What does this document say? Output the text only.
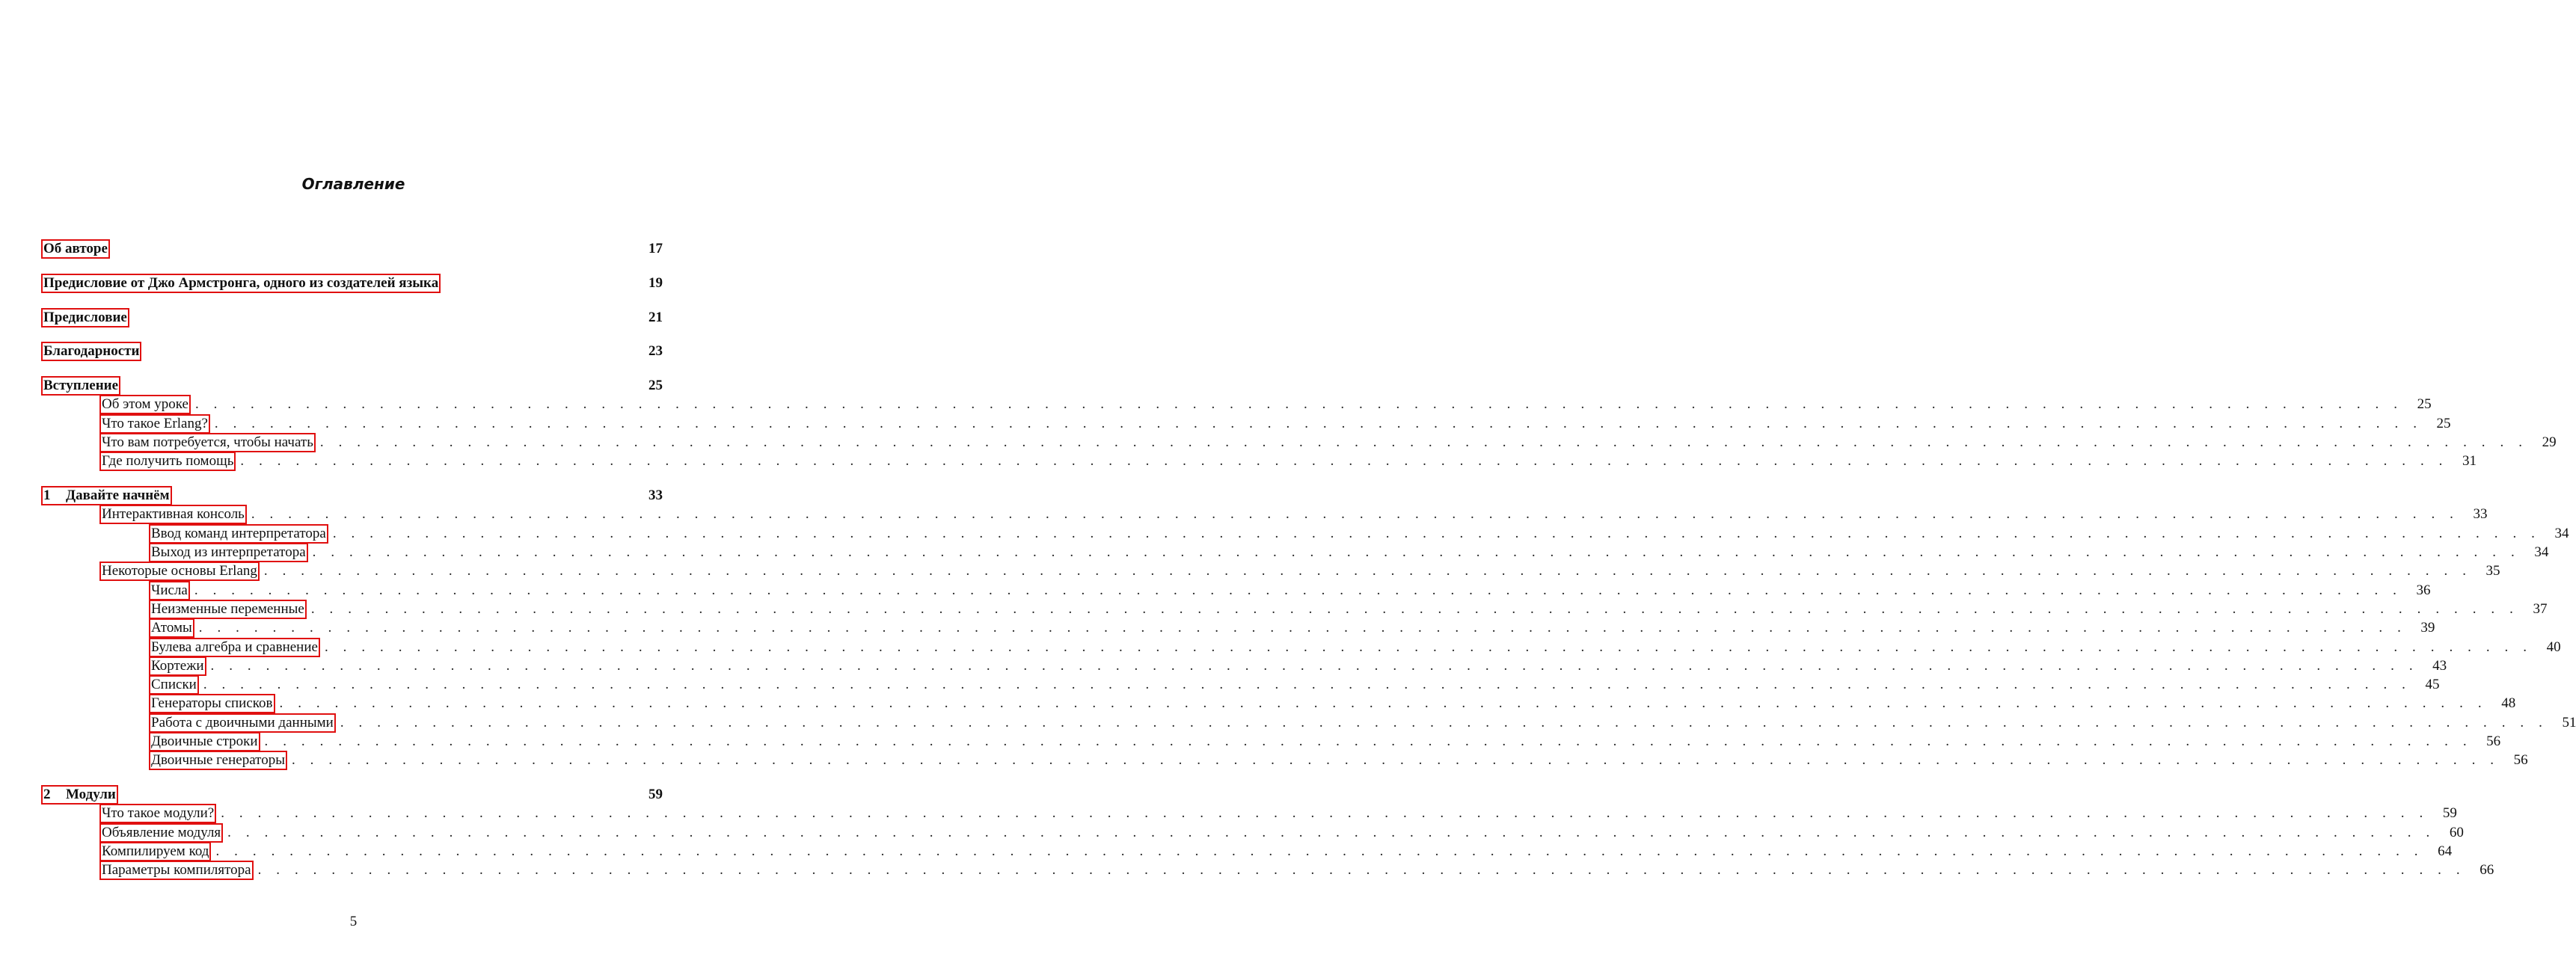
Оглавление
Об авторе	17
Предисловие от Джо Армстронга, одного из создателей языка	19
Предисловие	21
Благодарности	23
Вступление	25
Об этом уроке . . . . . . . . . . . . . . . . . . . . . . . . . . . . . . . . . . . . . . . . . . . . . . . . . . . . . . . . . . . . . . . . . . . . . . . . . . . . . . . . . . . . . . . . . . . . . . . . . . . . . . . . . . . . . . . . . . . . . . . .	25
Что такое Erlang? . . . . . . . . . . . . . . . . . . . . . . . . . . . . . . . . . . . . . . . . . . . . . . . . . . . . . . . . . . . . . . . . . . . . . . . . . . . . . . . . . . . . . . . . . . . . . . . . . . . . . . . . . . . . . . . . . . . . . . . .	25
Что вам потребуется, чтобы начать . . . . . . . . . . . . . . . . . . . . . . . . . . . . . . . . . . . . . . . . . . . . . . . . . . . . . . . . . . . . . . . . . . . . . . . . . . . . . . . . . . . . . . . . . . . . . . . . . . . . . . . . . . . . . . . . . . . . . . . .	29
Где получить помощь . . . . . . . . . . . . . . . . . . . . . . . . . . . . . . . . . . . . . . . . . . . . . . . . . . . . . . . . . . . . . . . . . . . . . . . . . . . . . . . . . . . . . . . . . . . . . . . . . . . . . . . . . . . . . . . . . . . . . . . .	31
1 Давайте начнём	33
Интерактивная консоль . . . . . . . . . . . . . . . . . . . . . . . . . . . . . . . . . . . . . . . . . . . . . . . . . . . . . . . . . . . . . . . . . . . . . . . . . . . . . . . . . . . . . . . . . . . . . . . . . . . . . . . . . . . . . . . . . . . . . . . .	33
Ввод команд интерпретатора . . . . . . . . . . . . . . . . . . . . . . . . . . . . . . . . . . . . . . . . . . . . . . . . . . . . . . . . . . . . . . . . . . . . . . . . . . . . . . . . . . . . . . . . . . . . . . . . . . . . . . . . . . . . . . . . . . . . . . . .	34
Выход из интерпретатора . . . . . . . . . . . . . . . . . . . . . . . . . . . . . . . . . . . . . . . . . . . . . . . . . . . . . . . . . . . . . . . . . . . . . . . . . . . . . . . . . . . . . . . . . . . . . . . . . . . . . . . . . . . . . . . . . . . . . . . .	34
Некоторые основы Erlang . . . . . . . . . . . . . . . . . . . . . . . . . . . . . . . . . . . . . . . . . . . . . . . . . . . . . . . . . . . . . . . . . . . . . . . . . . . . . . . . . . . . . . . . . . . . . . . . . . . . . . . . . . . . . . . . . . . . . . . .	35
Числа . . . . . . . . . . . . . . . . . . . . . . . . . . . . . . . . . . . . . . . . . . . . . . . . . . . . . . . . . . . . . . . . . . . . . . . . . . . . . . . . . . . . . . . . . . . . . . . . . . . . . . . . . . . . . . . . . . . . . . . .	36
Неизменные переменные . . . . . . . . . . . . . . . . . . . . . . . . . . . . . . . . . . . . . . . . . . . . . . . . . . . . . . . . . . . . . . . . . . . . . . . . . . . . . . . . . . . . . . . . . . . . . . . . . . . . . . . . . . . . . . . . . . . . . . . .	37
Атомы . . . . . . . . . . . . . . . . . . . . . . . . . . . . . . . . . . . . . . . . . . . . . . . . . . . . . . . . . . . . . . . . . . . . . . . . . . . . . . . . . . . . . . . . . . . . . . . . . . . . . . . . . . . . . . . . . . . . . . . .	39
Булева алгебра и сравнение . . . . . . . . . . . . . . . . . . . . . . . . . . . . . . . . . . . . . . . . . . . . . . . . . . . . . . . . . . . . . . . . . . . . . . . . . . . . . . . . . . . . . . . . . . . . . . . . . . . . . . . . . . . . . . . . . . . . . . . .	40
Кортежи . . . . . . . . . . . . . . . . . . . . . . . . . . . . . . . . . . . . . . . . . . . . . . . . . . . . . . . . . . . . . . . . . . . . . . . . . . . . . . . . . . . . . . . . . . . . . . . . . . . . . . . . . . . . . . . . . . . . . . . .	43
Списки . . . . . . . . . . . . . . . . . . . . . . . . . . . . . . . . . . . . . . . . . . . . . . . . . . . . . . . . . . . . . . . . . . . . . . . . . . . . . . . . . . . . . . . . . . . . . . . . . . . . . . . . . . . . . . . . . . . . . . . .	45
Генераторы списков . . . . . . . . . . . . . . . . . . . . . . . . . . . . . . . . . . . . . . . . . . . . . . . . . . . . . . . . . . . . . . . . . . . . . . . . . . . . . . . . . . . . . . . . . . . . . . . . . . . . . . . . . . . . . . . . . . . . . . . .	48
Работа с двоичными данными . . . . . . . . . . . . . . . . . . . . . . . . . . . . . . . . . . . . . . . . . . . . . . . . . . . . . . . . . . . . . . . . . . . . . . . . . . . . . . . . . . . . . . . . . . . . . . . . . . . . . . . . . . . . . . . . . . . . . . . .	51
Двоичные строки . . . . . . . . . . . . . . . . . . . . . . . . . . . . . . . . . . . . . . . . . . . . . . . . . . . . . . . . . . . . . . . . . . . . . . . . . . . . . . . . . . . . . . . . . . . . . . . . . . . . . . . . . . . . . . . . . . . . . . . .	56
Двоичные генераторы . . . . . . . . . . . . . . . . . . . . . . . . . . . . . . . . . . . . . . . . . . . . . . . . . . . . . . . . . . . . . . . . . . . . . . . . . . . . . . . . . . . . . . . . . . . . . . . . . . . . . . . . . . . . . . . . . . . . . . . .	56
2 Модули	59
Что такое модули? . . . . . . . . . . . . . . . . . . . . . . . . . . . . . . . . . . . . . . . . . . . . . . . . . . . . . . . . . . . . . . . . . . . . . . . . . . . . . . . . . . . . . . . . . . . . . . . . . . . . . . . . . . . . . . . . . . . . . . . .	59
Объявление модуля . . . . . . . . . . . . . . . . . . . . . . . . . . . . . . . . . . . . . . . . . . . . . . . . . . . . . . . . . . . . . . . . . . . . . . . . . . . . . . . . . . . . . . . . . . . . . . . . . . . . . . . . . . . . . . . . . . . . . . . .	60
Компилируем код . . . . . . . . . . . . . . . . . . . . . . . . . . . . . . . . . . . . . . . . . . . . . . . . . . . . . . . . . . . . . . . . . . . . . . . . . . . . . . . . . . . . . . . . . . . . . . . . . . . . . . . . . . . . . . . . . . . . . . . .	64
Параметры компилятора . . . . . . . . . . . . . . . . . . . . . . . . . . . . . . . . . . . . . . . . . . . . . . . . . . . . . . . . . . . . . . . . . . . . . . . . . . . . . . . . . . . . . . . . . . . . . . . . . . . . . . . . . . . . . . . . . . . . . . . .	66
5
